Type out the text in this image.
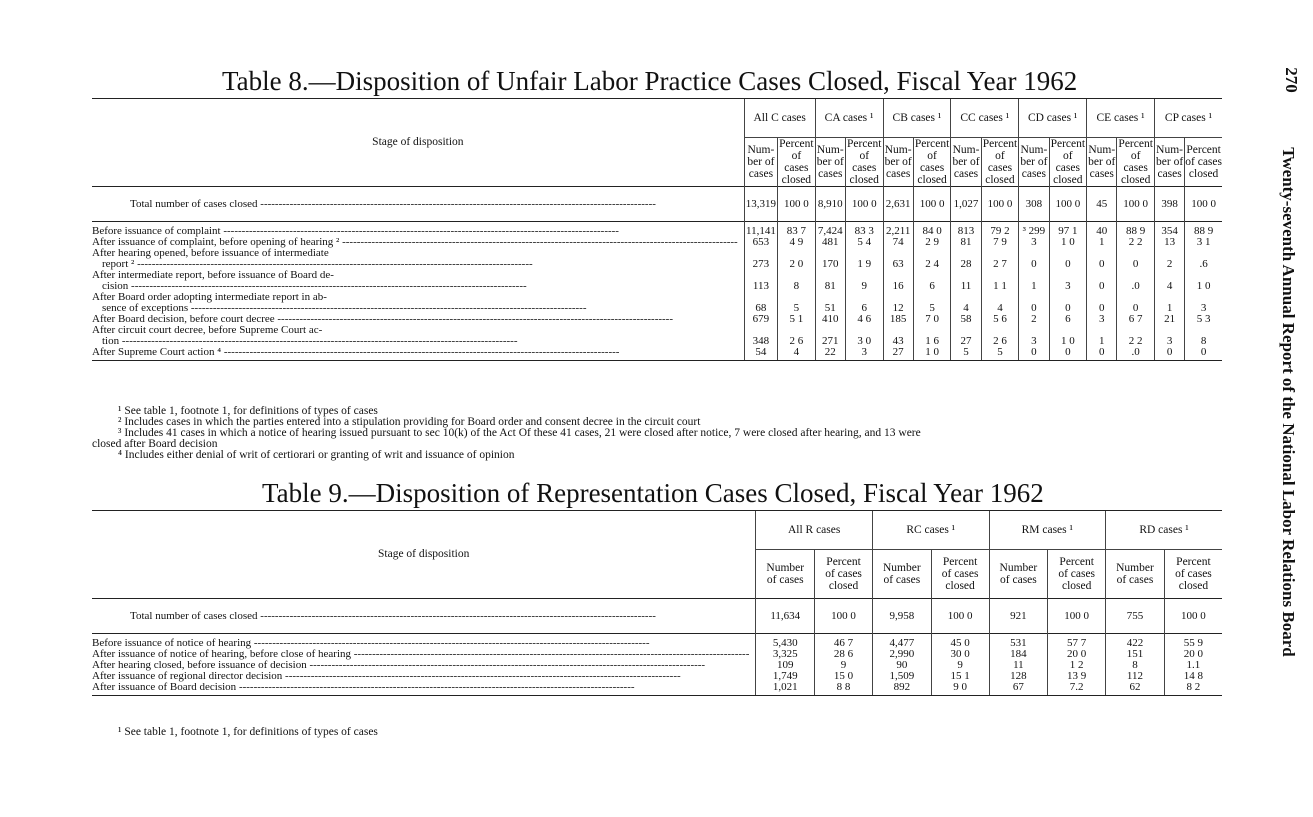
270
Twenty-seventh Annual Report of the National Labor Relations Board
Table 8.—Disposition of Unfair Labor Practice Cases Closed, Fiscal Year 1962
Stage of disposition	All C cases		CA cases ¹		CB cases ¹		CC cases ¹		CD cases ¹		CE cases ¹		CP cases ¹	
	Num-
ber of
cases	Percent
of cases
closed	Num-
ber of
cases	Percent
of cases
closed	Num-
ber of
cases	Percent
of cases
closed	Num-
ber of
cases	Percent
of cases
closed	Num-
ber of
cases	Percent
of cases
closed	Num-
ber of
cases	Percent
of cases
closed	Num-
ber of
cases	Percent
of cases
closed
Total number of cases closed -----	13,319	100 0	8,910	100 0	2,631	100 0	1,027	100 0	308	100 0	45	100 0	398	100 0
Before issuance of complaint -----	11,141	83 7	7,424	83 3	2,211	84 0	813	79 2	³ 299	97 1	40	88 9	354	88 9
After issuance of complaint, before opening of hearing ² -----	653	4 9	481	5 4	74	2 9	81	7 9	3	1 0	1	2 2	13	3 1
After hearing opened, before issuance of intermediate
report ² -----	273	2 0	170	1 9	63	2 4	28	2 7	0	0	0	0	2	.6
After intermediate report, before issuance of Board de-
cision -----	113	8	81	9	16	6	11	1 1	1	3	0	.0	4	1 0
After Board order adopting intermediate report in ab-
sence of exceptions -----	68	5	51	6	12	5	4	4	0	0	0	0	1	3
After Board decision, before court decree -----	679	5 1	410	4 6	185	7 0	58	5 6	2	6	3	6 7	21	5 3
After circuit court decree, before Supreme Court ac-
tion -----	348	2 6	271	3 0	43	1 6	27	2 6	3	1 0	1	2 2	3	8
After Supreme Court action ⁴ -----	54	4	22	3	27	1 0	5	5	0	0	0	.0	0	0
¹ See table 1, footnote 1, for definitions of types of cases
² Includes cases in which the parties entered into a stipulation providing for Board order and consent decree in the circuit court
³ Includes 41 cases in which a notice of hearing issued pursuant to sec 10(k) of the Act Of these 41 cases, 21 were closed after notice, 7 were closed after hearing, and 13 were
closed after Board decision
⁴ Includes either denial of writ of certiorari or granting of writ and issuance of opinion
Table 9.—Disposition of Representation Cases Closed, Fiscal Year 1962
Stage of disposition	All R cases		RC cases ¹		RM cases ¹		RD cases ¹	
	Number
of cases	Percent
of cases
closed	Number
of cases	Percent
of cases
closed	Number
of cases	Percent
of cases
closed	Number
of cases	Percent
of cases
closed
Total number of cases closed -----	11,634	100 0	9,958	100 0	921	100 0	755	100 0
Before issuance of notice of hearing -----	5,430	46 7	4,477	45 0	531	57 7	422	55 9
After issuance of notice of hearing, before close of hearing -----	3,325	28 6	2,990	30 0	184	20 0	151	20 0
After hearing closed, before issuance of decision -----	109	9	90	9	11	1 2	8	1.1
After issuance of regional director decision -----	1,749	15 0	1,509	15 1	128	13 9	112	14 8
After issuance of Board decision -----	1,021	8 8	892	9 0	67	7.2	62	8 2
¹ See table 1, footnote 1, for definitions of types of cases
